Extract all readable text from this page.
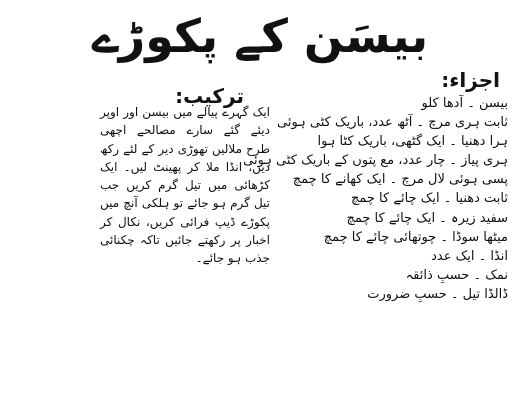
بیسَن کے پکوڑے
ترکیب:

ایک گہرے پیالے میں بیسن اور اوپر دیئے گئے سارے مصالحے اچھی طرح ملالیں تھوڑی دیر کے لئے رکھ دیں، انڈا ملا کر پھینٹ لیں۔ ایک کڑھائی میں تیل گرم کریں جب تیل گرم ہو جائے تو ہلکی آنچ میں پکوڑے ڈیپ فرائی کریں، نکال کر اخبار پر رکھتے جائیں تاکہ چکنائی جذب ہو جائے۔

اجزاء:
بیسن ۔ آدھا کلو
ثابت ہری مرچ ۔ آٹھ عدد، باریک کٹی ہوئی
ہرا دھنیا ۔ ایک گٹھی، باریک کٹا ہوا
ہری پیاز ۔ چار عدد، مع پتوں کے باریک کٹی ہوئی
پسی ہوئی لال مرچ ۔ ایک کھانے کا چمچ
ثابت دھنیا ۔ ایک چائے کا چمچ
سفید زیرہ ۔ ایک چائے کا چمچ
میٹھا سوڈا ۔ چوتھائی چائے کا چمچ
انڈا ۔ ایک عدد
نمک ۔ حسبِ ذائقہ
ڈالڈا تیل ۔ حسبِ ضرورت
